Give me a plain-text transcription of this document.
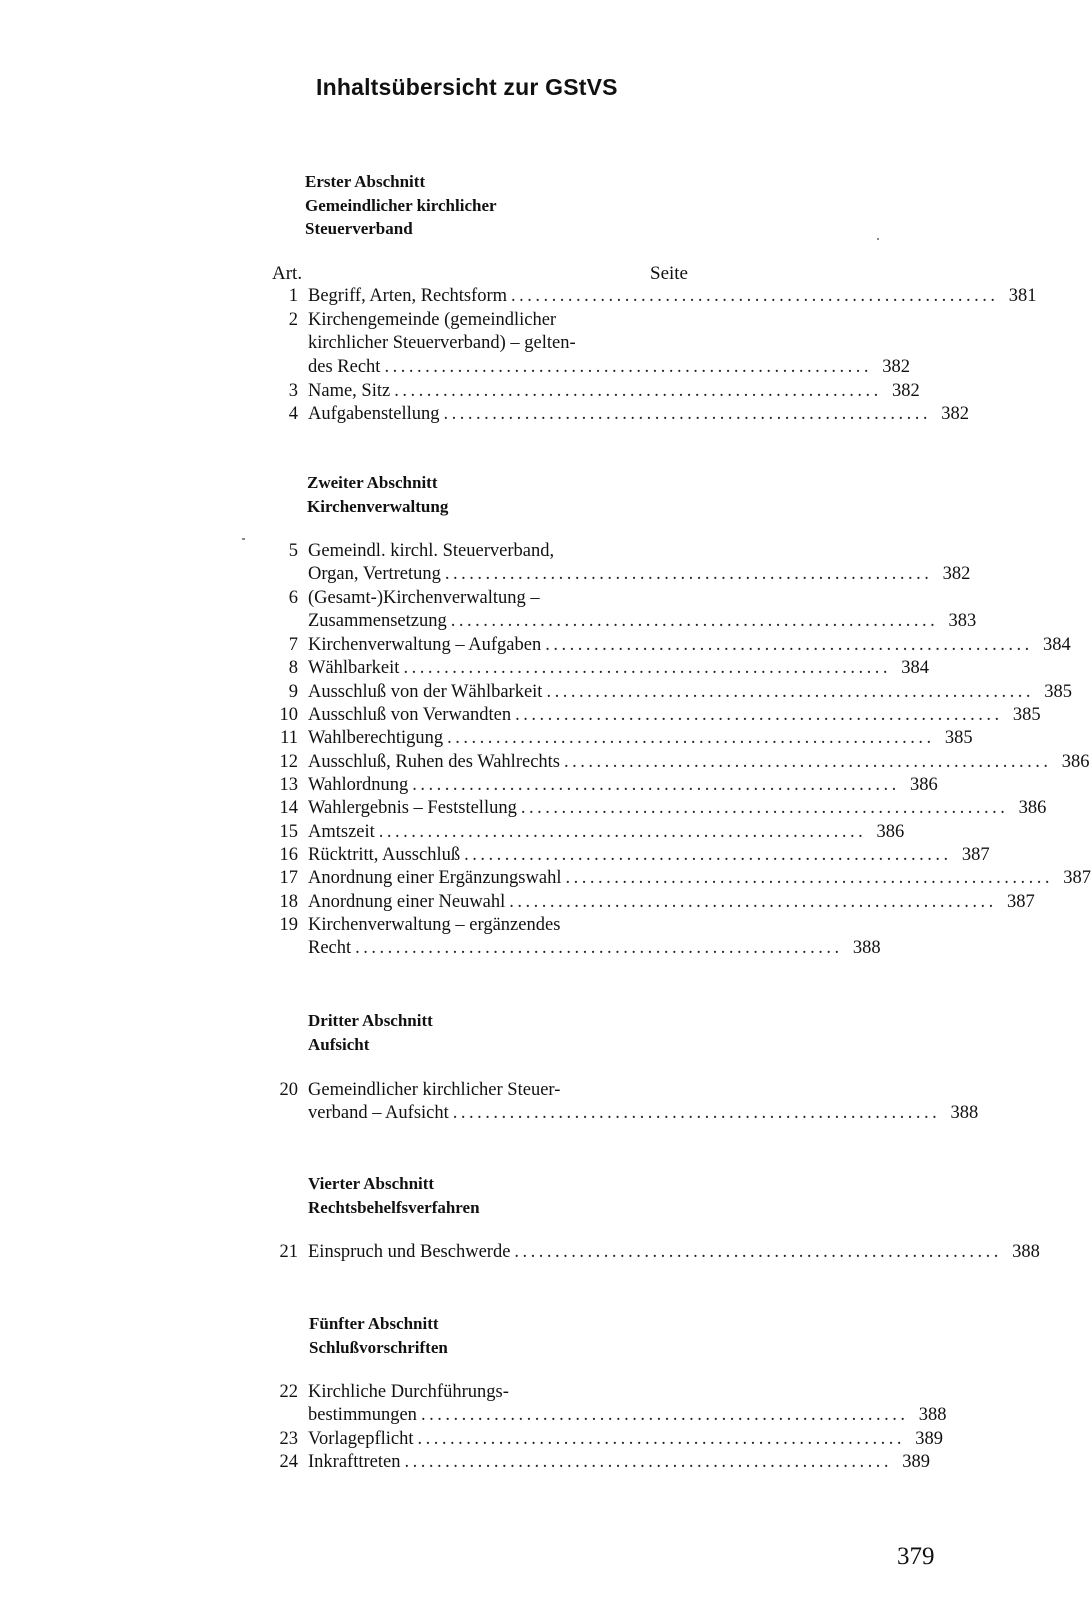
Inhaltsübersicht zur GStVS
Erster Abschnitt
Gemeindlicher kirchlicher
Steuerverband
Art.	Seite
Zweiter Abschnitt
Kirchenverwaltung
Dritter Abschnitt
Aufsicht
Vierter Abschnitt
Rechtsbehelfsverfahren
Fünfter Abschnitt
Schlußvorschriften
1 Begriff, Arten, Rechtsform ............................................................ 381
2 Kirchengemeinde (gemeindlicher
kirchlicher Steuerverband) – gelten-
des Recht ............................................................ 382
3 Name, Sitz ............................................................ 382
4 Aufgabenstellung ............................................................ 382
5 Gemeindl. kirchl. Steuerverband,
Organ, Vertretung ............................................................ 382
6 (Gesamt-)Kirchenverwaltung –
Zusammensetzung ............................................................ 383
7 Kirchenverwaltung – Aufgaben ............................................................ 384
8 Wählbarkeit ............................................................ 384
9 Ausschluß von der Wählbarkeit ............................................................ 385
10 Ausschluß von Verwandten ............................................................ 385
11 Wahlberechtigung ............................................................ 385
12 Ausschluß, Ruhen des Wahlrechts ............................................................ 386
13 Wahlordnung ............................................................ 386
14 Wahlergebnis – Feststellung ............................................................ 386
15 Amtszeit ............................................................ 386
16 Rücktritt, Ausschluß ............................................................ 387
17 Anordnung einer Ergänzungswahl ............................................................ 387
18 Anordnung einer Neuwahl ............................................................ 387
19 Kirchenverwaltung – ergänzendes
Recht ............................................................ 388
20 Gemeindlicher kirchlicher Steuer-
verband – Aufsicht ............................................................ 388
21 Einspruch und Beschwerde ............................................................ 388
22 Kirchliche Durchführungs-
bestimmungen ............................................................ 388
23 Vorlagepflicht ............................................................ 389
24 Inkrafttreten ............................................................ 389
379
